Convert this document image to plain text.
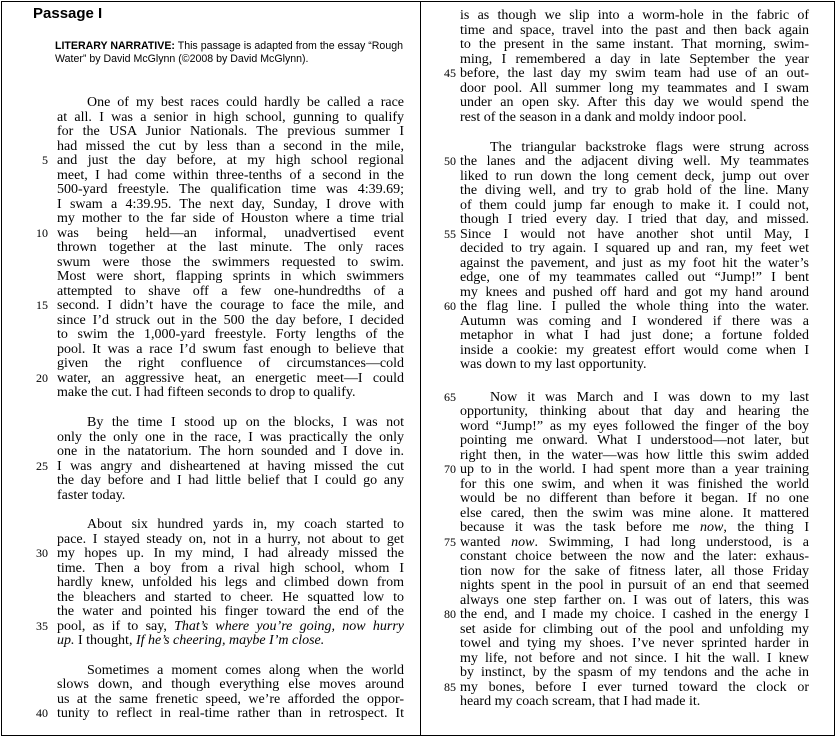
Passage I
LITERARY NARRATIVE: This passage is adapted from the essay “Rough Water” by David McGlynn (©2008 by David McGlynn).
One of my best races could hardly be called a race
at all. I was a senior in high school, gunning to qualify
for the USA Junior Nationals. The previous summer I
had missed the cut by less than a second in the mile,
and just the day before, at my high school regional
5
meet, I had come within three-tenths of a second in the
500-yard freestyle. The qualification time was 4:39.69;
I swam a 4:39.95. The next day, Sunday, I drove with
my mother to the far side of Houston where a time trial
was being held—an informal, unadvertised event
10
thrown together at the last minute. The only races
swum were those the swimmers requested to swim.
Most were short, flapping sprints in which swimmers
attempted to shave off a few one-hundredths of a
second. I didn’t have the courage to face the mile, and
15
since I’d struck out in the 500 the day before, I decided
to swim the 1,000-yard freestyle. Forty lengths of the
pool. It was a race I’d swum fast enough to believe that
given the right confluence of circumstances—cold
water, an aggressive heat, an energetic meet—I could
20
make the cut. I had fifteen seconds to drop to qualify.
By the time I stood up on the blocks, I was not
only the only one in the race, I was practically the only
one in the natatorium. The horn sounded and I dove in.
I was angry and disheartened at having missed the cut
25
the day before and I had little belief that I could go any
faster today.
About six hundred yards in, my coach started to
pace. I stayed steady on, not in a hurry, not about to get
my hopes up. In my mind, I had already missed the
30
time. Then a boy from a rival high school, whom I
hardly knew, unfolded his legs and climbed down from
the bleachers and started to cheer. He squatted low to
the water and pointed his finger toward the end of the
pool, as if to say, That’s where you’re going, now hurry
35
up. I thought, If he’s cheering, maybe I’m close.
Sometimes a moment comes along when the world
slows down, and though everything else moves around
us at the same frenetic speed, we’re afforded the oppor-
tunity to reflect in real-time rather than in retrospect. It
40
is as though we slip into a worm-hole in the fabric of
time and space, travel into the past and then back again
to the present in the same instant. That morning, swim-
ming, I remembered a day in late September the year
before, the last day my swim team had use of an out-
45
door pool. All summer long my teammates and I swam
under an open sky. After this day we would spend the
rest of the season in a dank and moldy indoor pool.
The triangular backstroke flags were strung across
the lanes and the adjacent diving well. My teammates
50
liked to run down the long cement deck, jump out over
the diving well, and try to grab hold of the line. Many
of them could jump far enough to make it. I could not,
though I tried every day. I tried that day, and missed.
Since I would not have another shot until May, I
55
decided to try again. I squared up and ran, my feet wet
against the pavement, and just as my foot hit the water’s
edge, one of my teammates called out “Jump!” I bent
my knees and pushed off hard and got my hand around
the flag line. I pulled the whole thing into the water.
60
Autumn was coming and I wondered if there was a
metaphor in what I had just done; a fortune folded
inside a cookie: my greatest effort would come when I
was down to my last opportunity.
Now it was March and I was down to my last
65
opportunity, thinking about that day and hearing the
word “Jump!” as my eyes followed the finger of the boy
pointing me onward. What I understood—not later, but
right then, in the water—was how little this swim added
up to in the world. I had spent more than a year training
70
for this one swim, and when it was finished the world
would be no different than before it began. If no one
else cared, then the swim was mine alone. It mattered
because it was the task before me now, the thing I
wanted now. Swimming, I had long understood, is a
75
constant choice between the now and the later: exhaus-
tion now for the sake of fitness later, all those Friday
nights spent in the pool in pursuit of an end that seemed
always one step farther on. I was out of laters, this was
the end, and I made my choice. I cashed in the energy I
80
set aside for climbing out of the pool and unfolding my
towel and tying my shoes. I’ve never sprinted harder in
my life, not before and not since. I hit the wall. I knew
by instinct, by the spasm of my tendons and the ache in
my bones, before I ever turned toward the clock or
85
heard my coach scream, that I had made it.
